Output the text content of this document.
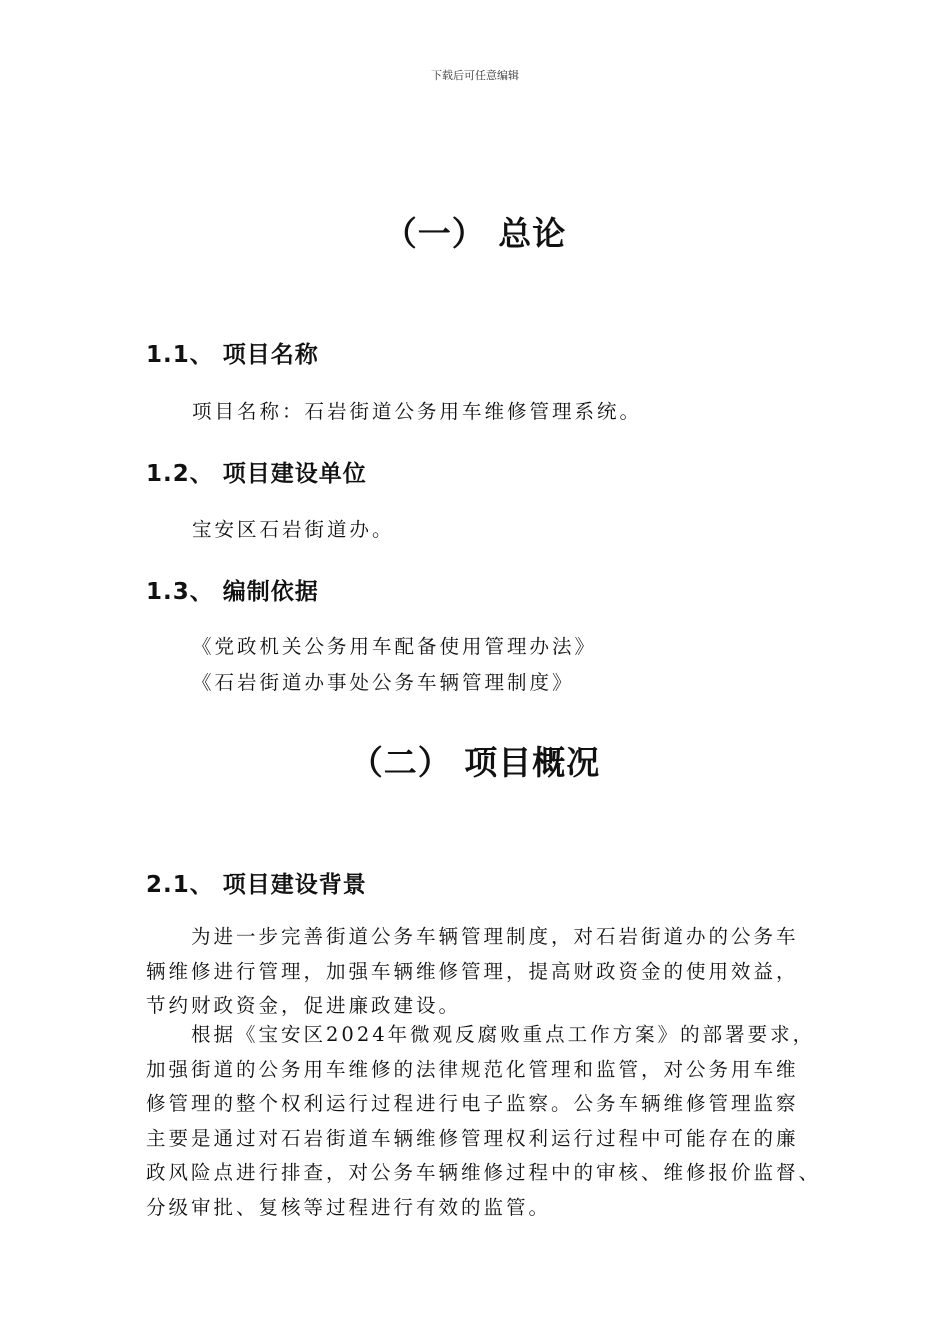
下载后可任意编辑
（一） 总论
1.1、 项目名称
项目名称：石岩街道公务用车维修管理系统。
1.2、 项目建设单位
宝安区石岩街道办。
1.3、 编制依据
《党政机关公务用车配备使用管理办法》
《石岩街道办事处公务车辆管理制度》
（二） 项目概况
2.1、 项目建设背景
为进一步完善街道公务车辆管理制度，对石岩街道办的公务车
辆维修进行管理，加强车辆维修管理，提高财政资金的使用效益，
节约财政资金，促进廉政建设。
根据《宝安区2024年微观反腐败重点工作方案》的部署要求，
加强街道的公务用车维修的法律规范化管理和监管，对公务用车维
修管理的整个权利运行过程进行电子监察。公务车辆维修管理监察
主要是通过对石岩街道车辆维修管理权利运行过程中可能存在的廉
政风险点进行排查，对公务车辆维修过程中的审核、维修报价监督、
分级审批、复核等过程进行有效的监管。
